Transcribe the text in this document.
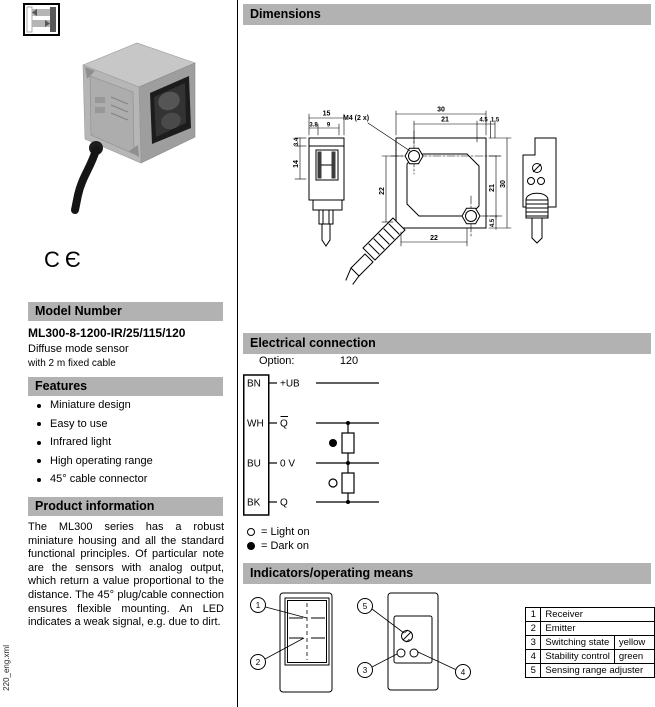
CЄ
Model Number
ML300-8-1200-IR/25/115/120
Diffuse mode sensor
with 2 m fixed cable
Features
Miniature design
Easy to use
Infrared light
High operating range
45° cable connector
Product information
The ML300 series has a robust miniature housing and all the standard functional principles. Of particular note are the sensors with analog output, which return a value proportional to the distance. The 45° plug/cable connection ensures flexible mounting. An LED indicates a weak signal, e.g. due to dirt.
220_eng.xml
Dimensions
15
3.8 9
3.4
14
30
21	4.5 1.5
M4 (2 x)
22	21
30
4.5
22
Electrical connection
Option:	120
BN
WH
BU
BK
+UB
Q
0 V
Q
= Light on
= Dark on
Indicators/operating means
1
2
5
3	4
1	Receiver	
2	Emitter	
3	Switching state	yellow
4	Stability control	green
5	Sensing range adjuster	
